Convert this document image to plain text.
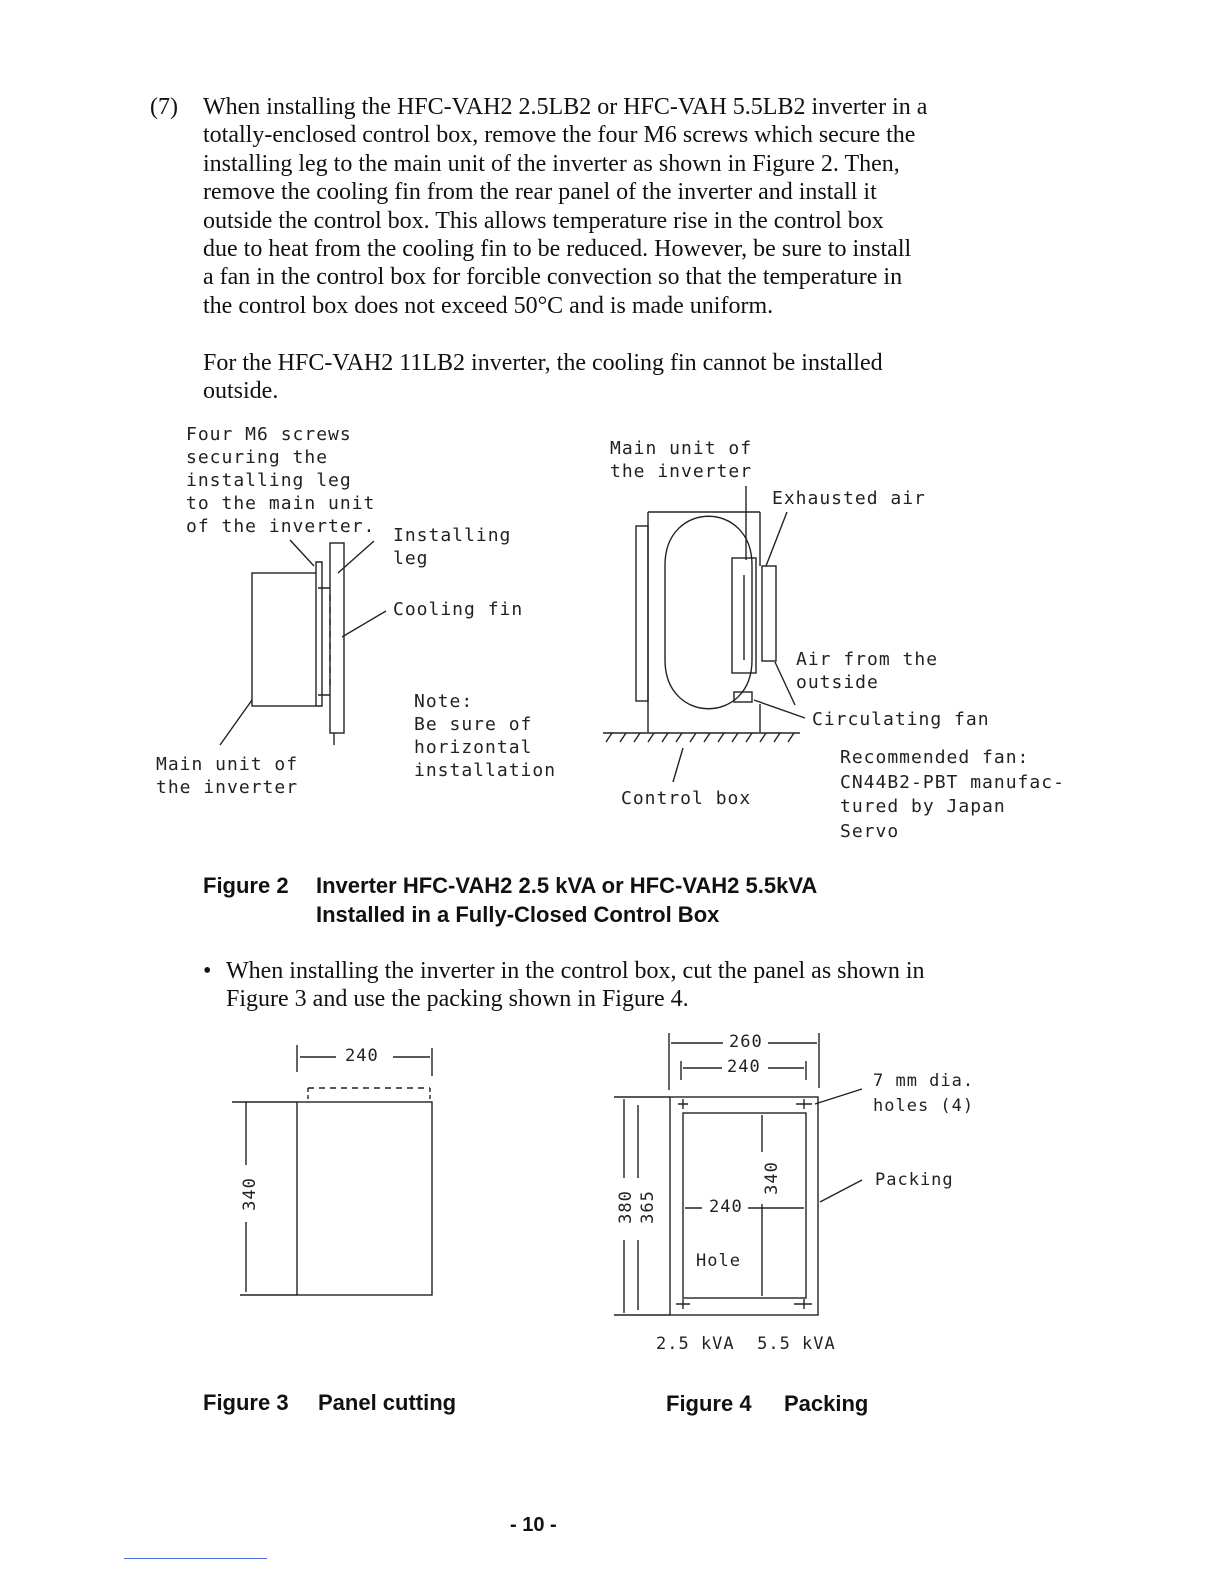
(7) When installing the HFC-VAH2 2.5LB2 or HFC-VAH 5.5LB2 inverter in a
totally-enclosed control box, remove the four M6 screws which secure the
installing leg to the main unit of the inverter as shown in Figure 2. Then,
remove the cooling fin from the rear panel of the inverter and install it
outside the control box. This allows temperature rise in the control box
due to heat from the cooling fin to be reduced. However, be sure to install
a fan in the control box for forcible convection so that the temperature in
the control box does not exceed 50°C and is made uniform.
For the HFC-VAH2 11LB2 inverter, the cooling fin cannot be installed
outside.
Four M6 screws
securing the
installing leg
to the main unit
of the inverter. Installing
leg
Cooling fin
Main unit of
the inverter
Note:
Be sure of
horizontal
installation
Main unit of
the inverter
Exhausted air
Air from the
outside
Circulating fan
Recommended fan:
CN44B2-PBT manufac-
tured by Japan
Servo
Control box
Figure 2 Inverter HFC-VAH2 2.5 kVA or HFC-VAH2 5.5kVA
Installed in a Fully-Closed Control Box
• When installing the inverter in the control box, cut the panel as shown in
Figure 3 and use the packing shown in Figure 4.
240
340
260
240
7 mm dia.
holes (4)
Packing
380 365
340
240
Hole
2.5 kVA  5.5 kVA
Figure 3 Panel cutting	Figure 4 Packing
- 10 -
